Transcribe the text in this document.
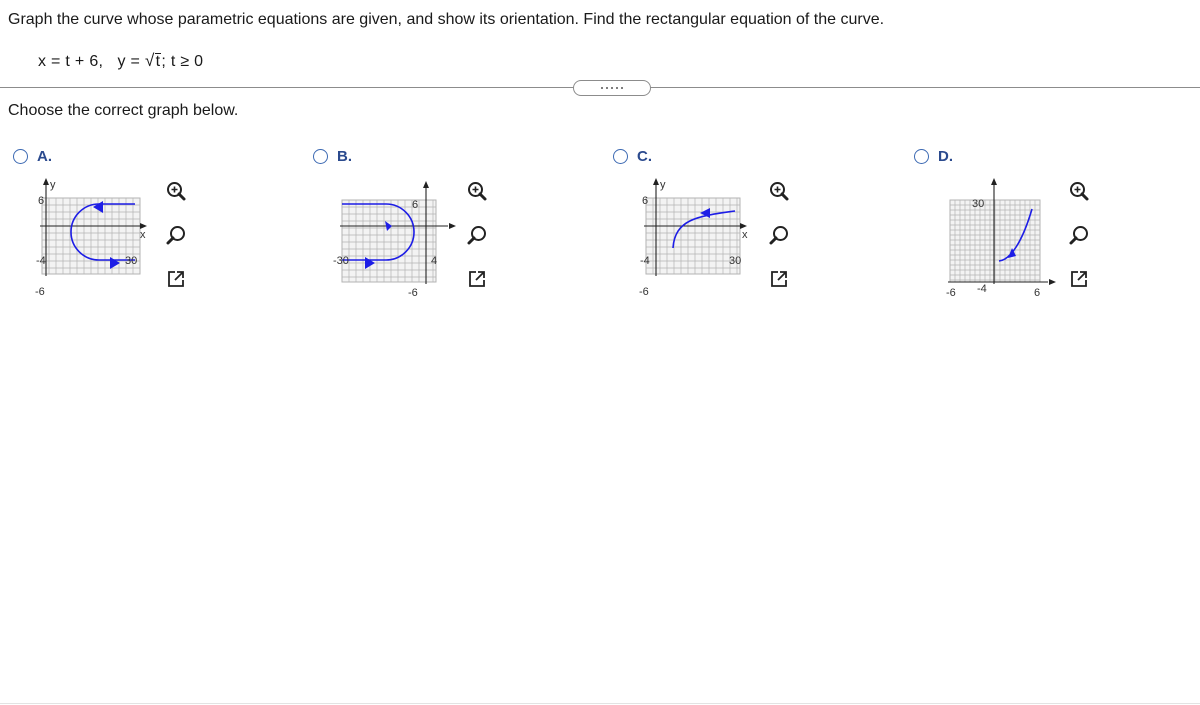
Graph the curve whose parametric equations are given, and show its orientation. Find the rectangular equation of the curve.
x = t + 6, y = √t; t ≥ 0
Choose the correct graph below.
A.
y
x
6
-6
-4	30
B.
6
-6
-30	4
C.
y
x
6
-6
-4	30
D.
30
-4
-6	6
